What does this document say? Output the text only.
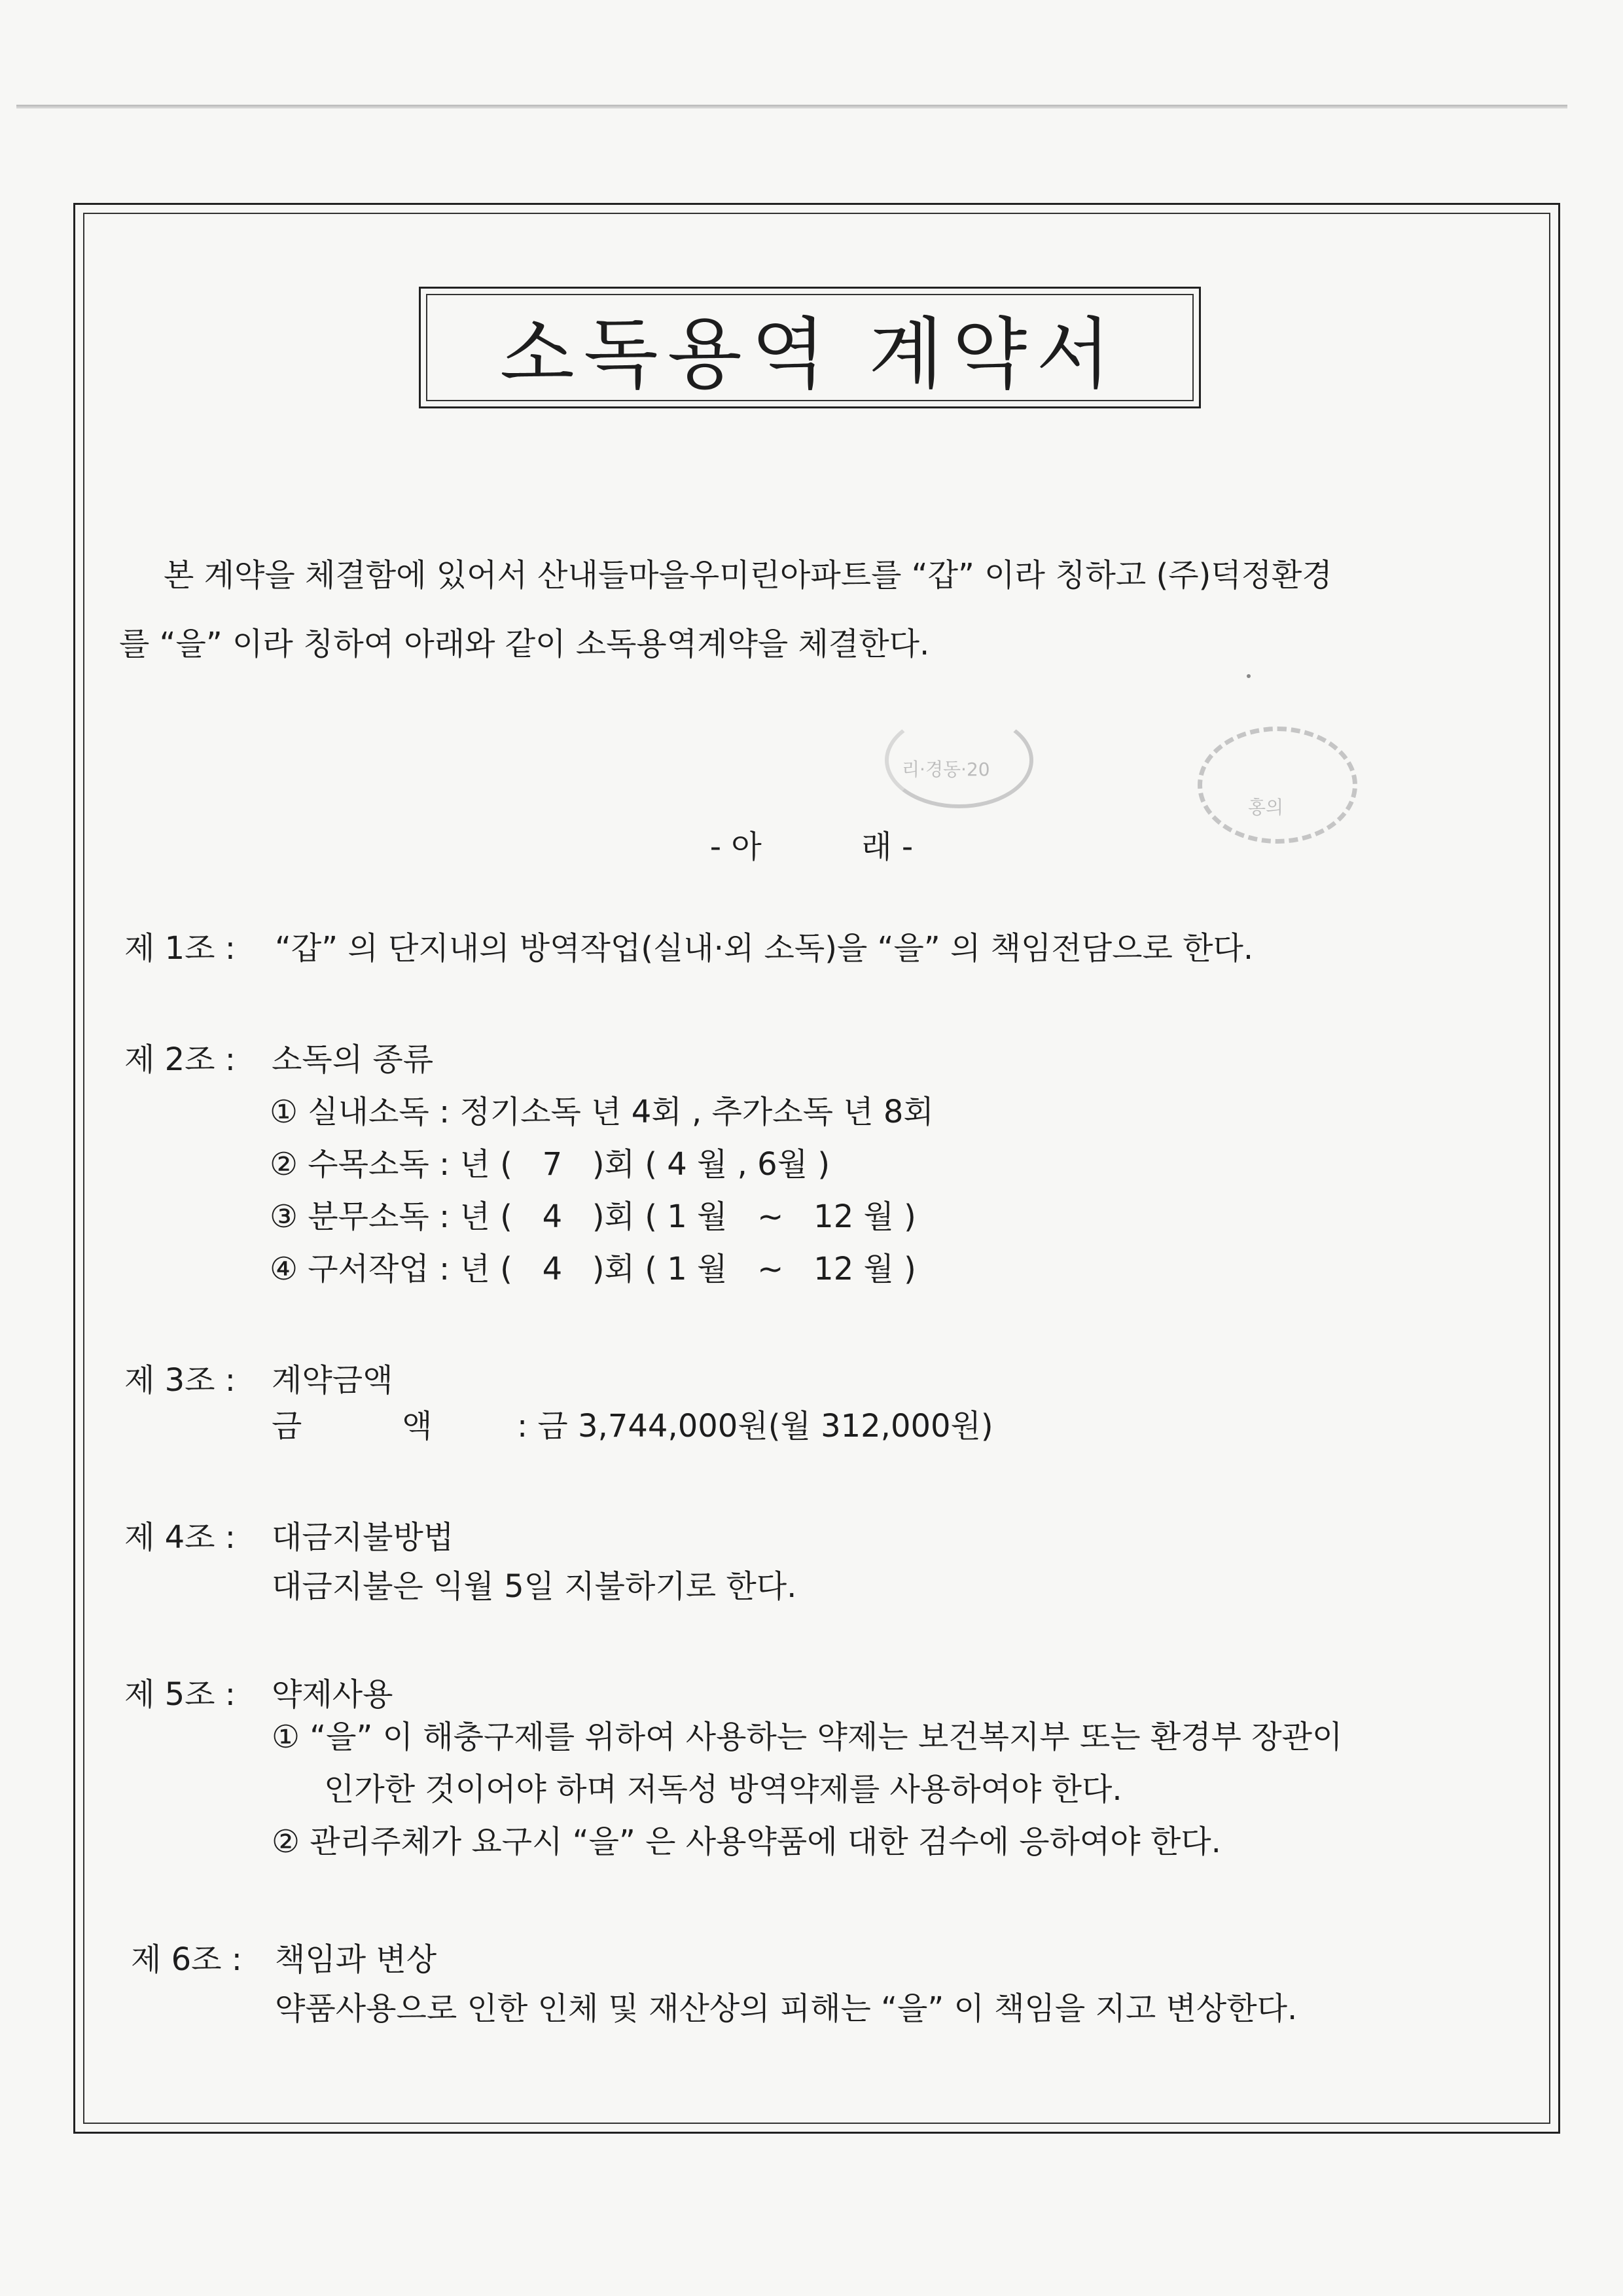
소독용역 계약서
본 계약을 체결함에 있어서 산내들마을우미린아파트를 “갑” 이라 칭하고 (주)덕정환경
를 “을” 이라 칭하여 아래와 같이 소독용역계약을 체결한다.
리·경동·20
홍의
- 아          래 -
제 1조 : “갑” 의 단지내의 방역작업(실내·외 소독)을 “을” 의 책임전담으로 한다.
제 2조 : 소독의 종류
① 실내소독 : 정기소독 년 4회 , 추가소독 년 8회
② 수목소독 : 년 (   7   )회 ( 4 월 , 6월 )
③ 분무소독 : 년 (   4   )회 ( 1 월   ~   12 월 )
④ 구서작업 : 년 (   4   )회 ( 1 월   ~   12 월 )
제 3조 : 계약금액
금          액	: 금 3,744,000원(월 312,000원)
제 4조 : 대금지불방법
대금지불은 익월 5일 지불하기로 한다.
제 5조 : 약제사용
① “을” 이 해충구제를 위하여 사용하는 약제는 보건복지부 또는 환경부 장관이
인가한 것이어야 하며 저독성 방역약제를 사용하여야 한다.
② 관리주체가 요구시 “을” 은 사용약품에 대한 검수에 응하여야 한다.
제 6조 : 책임과 변상
약품사용으로 인한 인체 및 재산상의 피해는 “을” 이 책임을 지고 변상한다.
